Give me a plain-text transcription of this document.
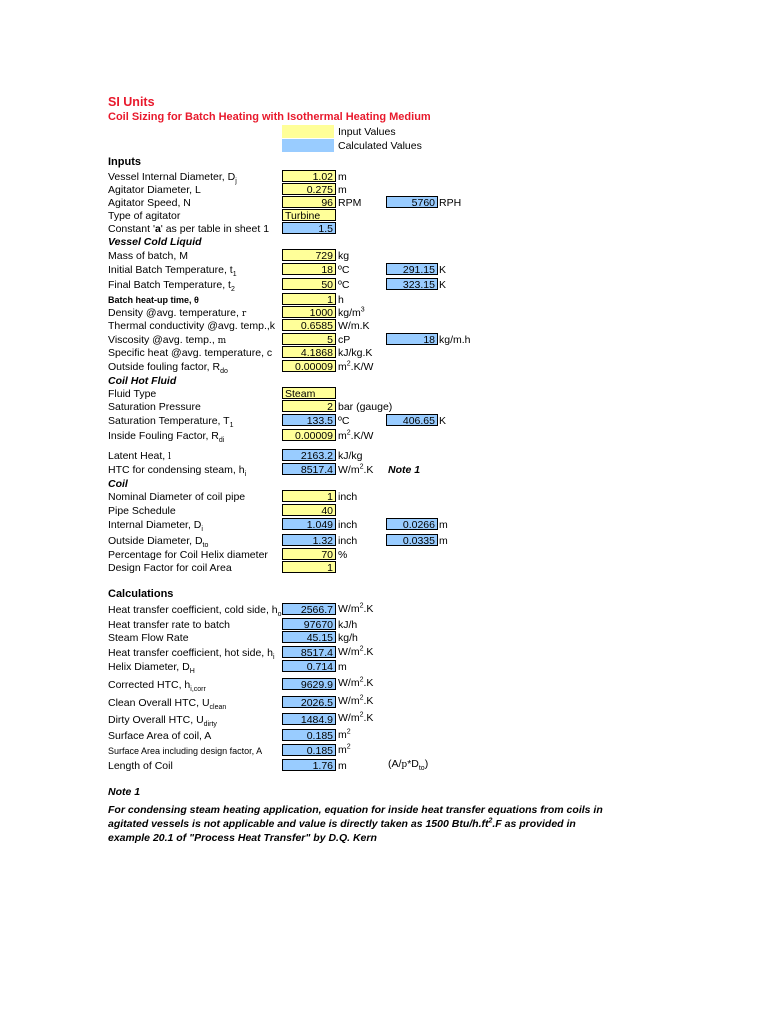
SI Units
Coil Sizing for Batch Heating with Isothermal Heating Medium
Input Values
Calculated Values
Inputs
Vessel Internal Diameter, $D_j$	1.02 m
Agitator Diameter, L	0.275 m
Agitator Speed, N	96 RPM	5760 RPH
Type of agitator	Turbine
Constant 'a' as per table in sheet 1	1.5
Vessel Cold Liquid
Mass of batch, M	729 kg
Initial Batch Temperature, $t_1$	18 ºC	291.15 K
Final Batch Temperature, $t_2$	50 ºC	323.15 K
Batch heat-up time, θ	1 h
Density @avg. temperature, r	1000 $kg/m^3$
Thermal conductivity @avg. temp.,k	0.6585 W/m.K
Viscosity @avg. temp., m	5 cP	18 kg/m.h
Specific heat @avg. temperature, c	4.1868 kJ/kg.K
Outside fouling factor, $R_{do}$	0.00009 $m^2.K/W$
Coil Hot Fluid
Fluid Type	Steam
Saturation Pressure	2 bar (gauge)
Saturation Temperature, $T_1$	133.5 ºC	406.65 K
Inside Fouling Factor, $R_{di}$	0.00009 $m^2.K/W$
Latent Heat, l	2163.2 kJ/kg
HTC for condensing steam, $h_i$	8517.4 $W/m^2.K$ Note 1
Coil
Nominal Diameter of coil pipe	1 inch
Pipe Schedule	40
Internal Diameter, $D_i$	1.049 inch	0.0266 m
Outside Diameter, $D_{to}$	1.32 inch	0.0335 m
Percentage for Coil Helix diameter	70 %
Design Factor for coil Area	1
Calculations
Heat transfer coefficient, cold side, $h_o$	2566.7 $W/m^2.K$
Heat transfer rate to batch	97670 kJ/h
Steam Flow Rate	45.15 kg/h
Heat transfer coefficient, hot side, $h_i$	8517.4 $W/m^2.K$
Helix Diameter, $D_H$	0.714 m
Corrected HTC, $h_{i,corr}$	9629.9 $W/m^2.K$
Clean Overall HTC, $U_{clean}$	2026.5 $W/m^2.K$
Dirty Overall HTC, $U_{dirty}$	1484.9 $W/m^2.K$
Surface Area of coil, A	0.185 $m^2$
Surface Area including design factor, A	0.185 $m^2$
Length of Coil	1.76 m	$(A/p*D_{to})$
Note 1
For condensing steam heating application, equation for inside heat transfer equations from coils in agitated vessels is not applicable and value is directly taken as 1500 Btu/$h.ft^2.F$ as provided in example 20.1 of "Process Heat Transfer" by D.Q. Kern
